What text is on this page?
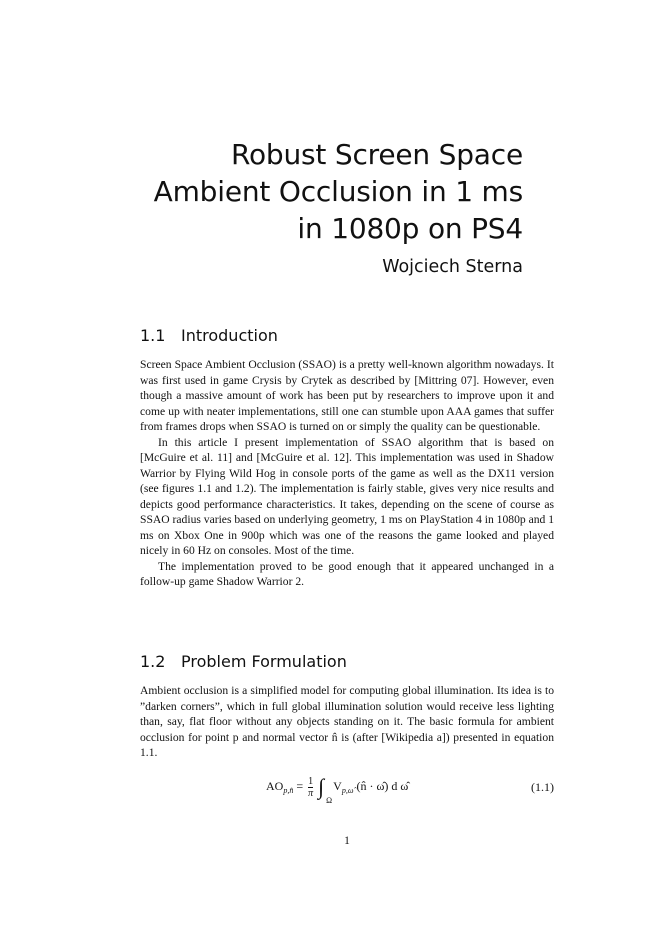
Robust Screen Space Ambient Occlusion in 1 ms in 1080p on PS4
Wojciech Sterna
1.1 Introduction

Screen Space Ambient Occlusion (SSAO) is a pretty well-known algorithm nowadays. It was first used in game Crysis by Crytek as described by [Mittring 07]. However, even though a massive amount of work has been put by researchers to improve upon it and come up with neater implementations, still one can stumble upon AAA games that suffer from frames drops when SSAO is turned on or simply the quality can be questionable.

In this article I present implementation of SSAO algorithm that is based on [McGuire et al. 11] and [McGuire et al. 12]. This implementation was used in Shadow Warrior by Flying Wild Hog in console ports of the game as well as the DX11 version (see figures 1.1 and 1.2). The implementation is fairly stable, gives very nice results and depicts good performance characteristics. It takes, depending on the scene of course as SSAO radius varies based on underlying geometry, 1 ms on PlayStation 4 in 1080p and 1 ms on Xbox One in 900p which was one of the reasons the game looked and played nicely in 60 Hz on consoles. Most of the time.

The implementation proved to be good enough that it appeared unchanged in a follow-up game Shadow Warrior 2.

1.2 Problem Formulation

Ambient occlusion is a simplified model for computing global illumination. Its idea is to ”darken corners”, which in full global illumination solution would receive less lighting than, say, flat floor without any objects standing on it. The basic formula for ambient occlusion for point p and normal vector n̂ is (after [Wikipedia a]) presented in equation 1.1.

$AO_{p,n̂} = \frac{1}{\pi}$ ∫
Ω
$V_{p,\omegâ}$ (n̂ · ω̂) d ω̂	(1.1)
1
